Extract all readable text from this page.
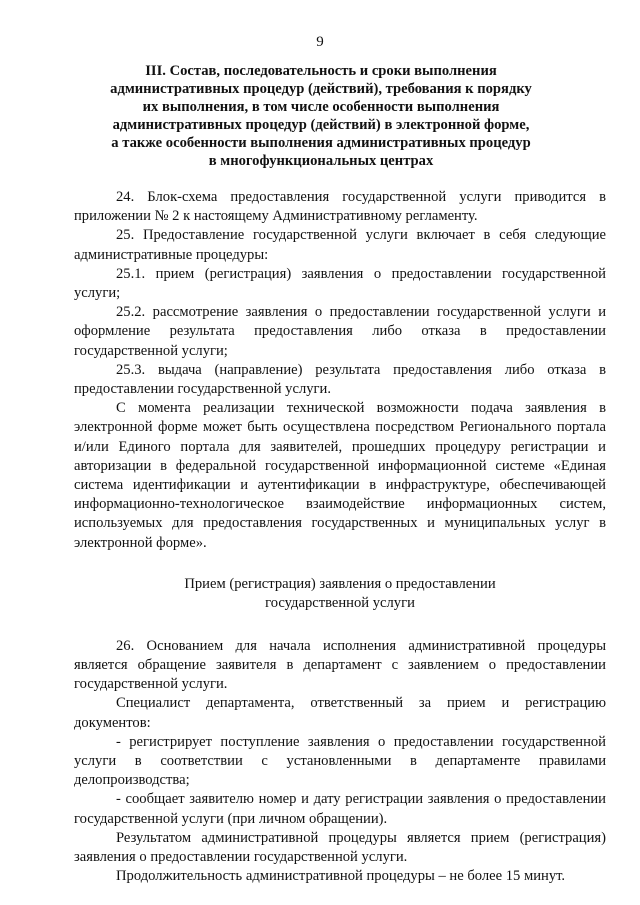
9
III. Состав, последовательность и сроки выполнения
административных процедур (действий), требования к порядку
их выполнения, в том числе особенности выполнения
административных процедур (действий) в электронной форме,
а также особенности выполнения административных процедур
в многофункциональных центрах

24. Блок-схема предоставления государственной услуги приводится в приложении № 2 к настоящему Административному регламенту.

25. Предоставление государственной услуги включает в себя следующие административные процедуры:

25.1. прием (регистрация) заявления о предоставлении государственной услуги;

25.2. рассмотрение заявления о предоставлении государственной услуги и оформление результата предоставления либо отказа в предоставлении государственной услуги;

25.3. выдача (направление) результата предоставления либо отказа в предоставлении государственной услуги.

С момента реализации технической возможности подача заявления в электронной форме может быть осуществлена посредством Регионального портала и/или Единого портала для заявителей, прошедших процедуру регистрации и авторизации в федеральной государственной информационной системе «Единая система идентификации и аутентификации в инфраструктуре, обеспечивающей информационно-технологическое взаимодействие информационных систем, используемых для предоставления государственных и муниципальных услуг в электронной форме».

Прием (регистрация) заявления о предоставлении
государственной услуги

26. Основанием для начала исполнения административной процедуры является обращение заявителя в департамент с заявлением о предоставлении государственной услуги.

Специалист департамента, ответственный за прием и регистрацию документов:

- регистрирует поступление заявления о предоставлении государственной услуги в соответствии с установленными в департаменте правилами делопроизводства;

- сообщает заявителю номер и дату регистрации заявления о предоставлении государственной услуги (при личном обращении).

Результатом административной процедуры является прием (регистрация) заявления о предоставлении государственной услуги.

Продолжительность административной процедуры – не более 15 минут.
